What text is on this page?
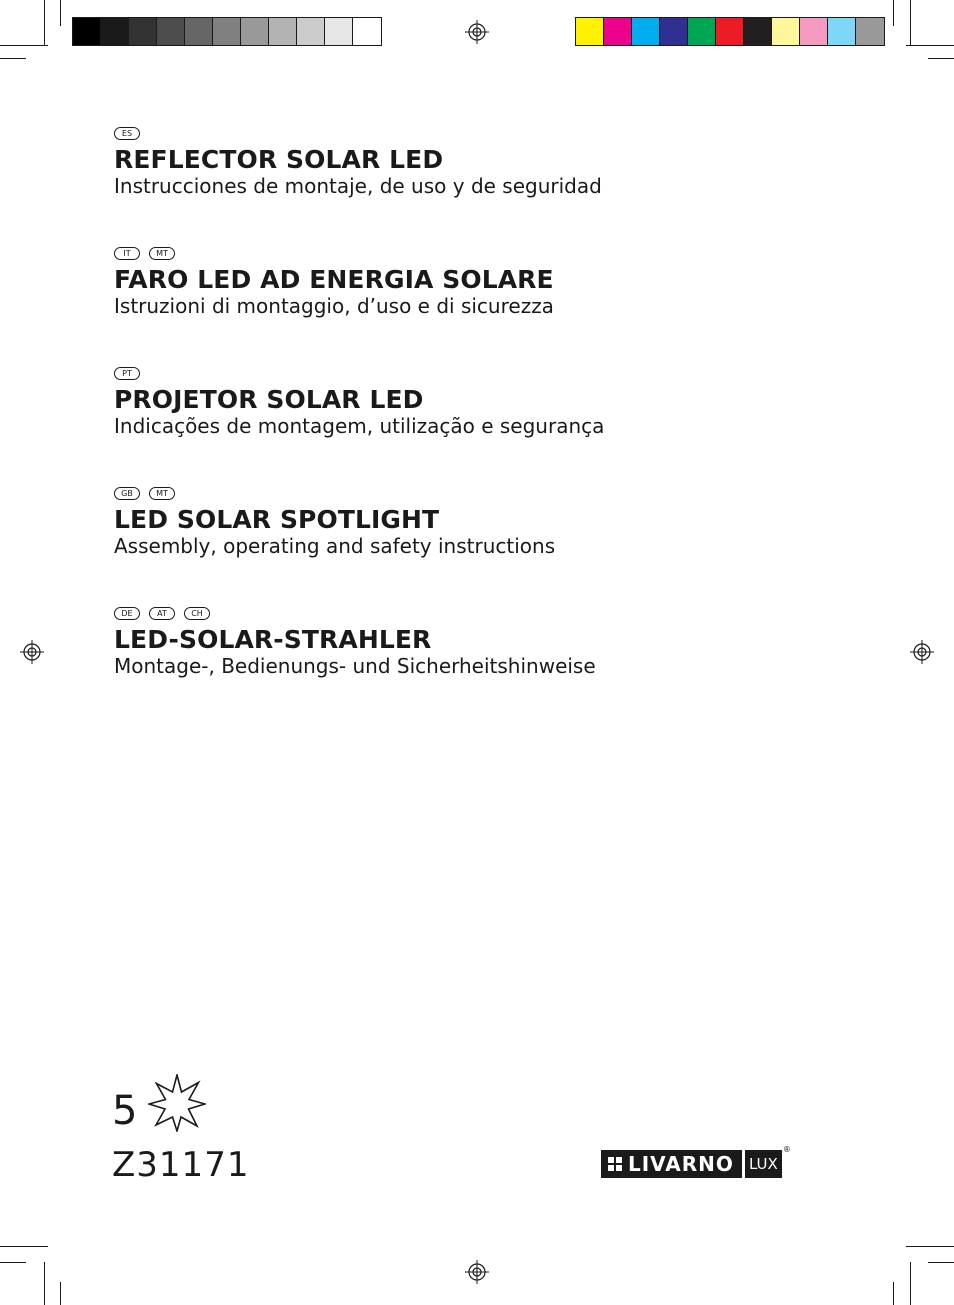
ES
REFLECTOR SOLAR LED
Instrucciones de montaje, de uso y de seguridad
IT	MT
FARO LED AD ENERGIA SOLARE
Istruzioni di montaggio, d’uso e di sicurezza
PT
PROJETOR SOLAR LED
Indicações de montagem, utilização e segurança
GB	MT
LED SOLAR SPOTLIGHT
Assembly, operating and safety instructions
DE	AT	CH
LED-SOLAR-STRAHLER
Montage-, Bedienungs- und Sicherheitshinweise
5
Z31171	LIVARNO LUX
®
